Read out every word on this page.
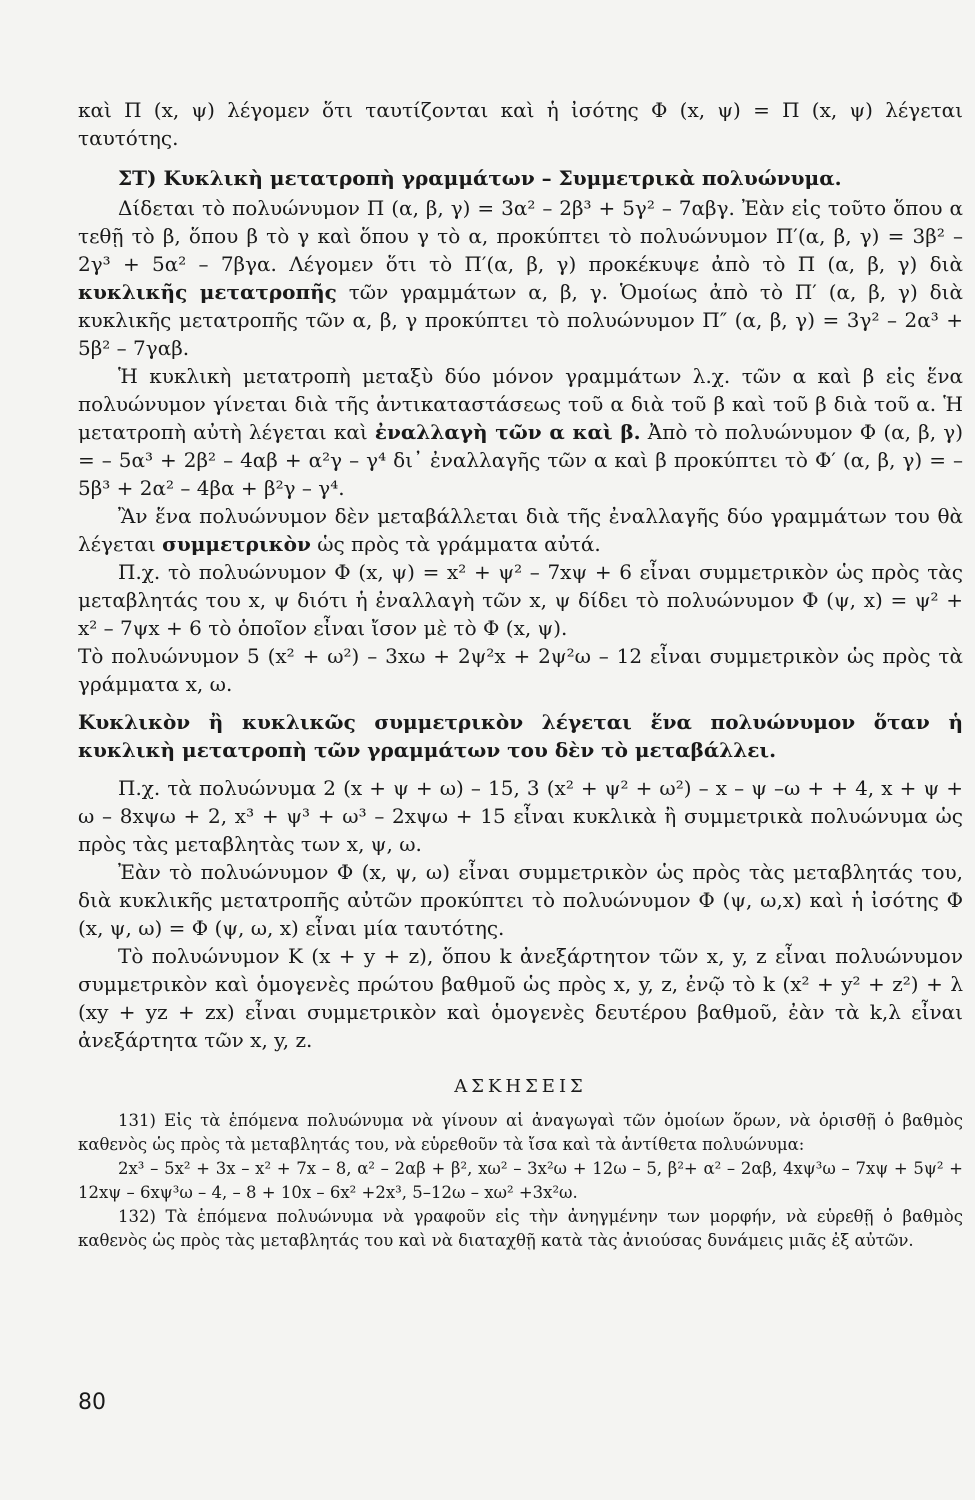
καὶ Π (x, ψ) λέγομεν ὅτι ταυτίζονται καὶ ἡ ἰσότης Φ (x, ψ) = Π (x, ψ) λέγεται ταυτότης.

ΣΤ) Κυκλικὴ μετατροπὴ γραμμάτων – Συμμετρικὰ πολυώνυμα.

Δίδεται τὸ πολυώνυμον Π (α, β, γ) = 3α² – 2β³ + 5γ² – 7αβγ. Ἐὰν εἰς τοῦτο ὅπου α τεθῇ τὸ β, ὅπου β τὸ γ καὶ ὅπου γ τὸ α, προκύπτει τὸ πολυώνυμον Π′(α, β, γ) = 3β² – 2γ³ + 5α² – 7βγα. Λέγομεν ὅτι τὸ Π′(α, β, γ) προκέκυψε ἀπὸ τὸ Π (α, β, γ) διὰ κυκλικῆς μετατροπῆς τῶν γραμμάτων α, β, γ. Ὁμοίως ἀπὸ τὸ Π′ (α, β, γ) διὰ κυκλικῆς μετατροπῆς τῶν α, β, γ προκύπτει τὸ πολυώνυμον Π″ (α, β, γ) = 3γ² – 2α³ + 5β² – 7γαβ.

Ἡ κυκλικὴ μετατροπὴ μεταξὺ δύο μόνον γραμμάτων λ.χ. τῶν α καὶ β εἰς ἕνα πολυώνυμον γίνεται διὰ τῆς ἀντικαταστάσεως τοῦ α διὰ τοῦ β καὶ τοῦ β διὰ τοῦ α. Ἡ μετατροπὴ αὐτὴ λέγεται καὶ ἐναλλαγὴ τῶν α καὶ β. Ἀπὸ τὸ πολυώνυμον Φ (α, β, γ) = – 5α³ + 2β² – 4αβ + α²γ – γ⁴ δι᾽ ἐναλλαγῆς τῶν α καὶ β προκύπτει τὸ Φ′ (α, β, γ) = – 5β³ + 2α² – 4βα + β²γ – γ⁴.

Ἂν ἕνα πολυώνυμον δὲν μεταβάλλεται διὰ τῆς ἐναλλαγῆς δύο γραμμάτων του θὰ λέγεται συμμετρικὸν ὡς πρὸς τὰ γράμματα αὐτά.

Π.χ. τὸ πολυώνυμον Φ (x, ψ) = x² + ψ² – 7xψ + 6 εἶναι συμμετρικὸν ὡς πρὸς τὰς μεταβλητάς του x, ψ διότι ἡ ἐναλλαγὴ τῶν x, ψ δίδει τὸ πολυώνυμον Φ (ψ, x) = ψ² + x² – 7ψx + 6 τὸ ὁποῖον εἶναι ἴσον μὲ τὸ Φ (x, ψ).

Τὸ πολυώνυμον 5 (x² + ω²) – 3xω + 2ψ²x + 2ψ²ω – 12 εἶναι συμμετρικὸν ὡς πρὸς τὰ γράμματα x, ω.

Κυκλικὸν ἢ κυκλικῶς συμμετρικὸν λέγεται ἕνα πολυώνυμον ὅταν ἡ κυκλικὴ μετατροπὴ τῶν γραμμάτων του δὲν τὸ μεταβάλλει.

Π.χ. τὰ πολυώνυμα 2 (x + ψ + ω) – 15, 3 (x² + ψ² + ω²) – x – ψ –ω + + 4, x + ψ + ω – 8xψω + 2, x³ + ψ³ + ω³ – 2xψω + 15 εἶναι κυκλικὰ ἢ συμμετρικὰ πολυώνυμα ὡς πρὸς τὰς μεταβλητὰς των x, ψ, ω.

Ἐὰν τὸ πολυώνυμον Φ (x, ψ, ω) εἶναι συμμετρικὸν ὡς πρὸς τὰς μεταβλητάς του, διὰ κυκλικῆς μετατροπῆς αὐτῶν προκύπτει τὸ πολυώνυμον Φ (ψ, ω,x) καὶ ἡ ἰσότης Φ (x, ψ, ω) = Φ (ψ, ω, x) εἶναι μία ταυτότης.

Τὸ πολυώνυμον K (x + y + z), ὅπου k ἀνεξάρτητον τῶν x, y, z εἶναι πολυώνυμον συμμετρικὸν καὶ ὁμογενὲς πρώτου βαθμοῦ ὡς πρὸς x, y, z, ἐνῷ τὸ k (x² + y² + z²) + λ (xy + yz + zx) εἶναι συμμετρικὸν καὶ ὁμογενὲς δευτέρου βαθμοῦ, ἐὰν τὰ k,λ εἶναι ἀνεξάρτητα τῶν x, y, z.

ΑΣΚΗΣΕΙΣ

131) Εἰς τὰ ἑπόμενα πολυώνυμα νὰ γίνουν αἱ ἀναγωγαὶ τῶν ὁμοίων ὅρων, νὰ ὁρισθῇ ὁ βαθμὸς καθενὸς ὡς πρὸς τὰ μεταβλητάς του, νὰ εὑρεθοῦν τὰ ἴσα καὶ τὰ ἀντίθετα πολυώνυμα:

2x³ – 5x² + 3x – x² + 7x – 8, α² – 2αβ + β², xω² – 3x²ω + 12ω – 5, β²+ α² – 2αβ, 4xψ³ω – 7xψ + 5ψ² + 12xψ – 6xψ³ω – 4, – 8 + 10x – 6x² +2x³, 5–12ω – xω² +3x²ω.

132) Τὰ ἑπόμενα πολυώνυμα νὰ γραφοῦν εἰς τὴν ἀνηγμένην των μορφήν, νὰ εὑρεθῇ ὁ βαθμὸς καθενὸς ὡς πρὸς τὰς μεταβλητάς του καὶ νὰ διαταχθῇ κατὰ τὰς ἀνιούσας δυνάμεις μιᾶς ἐξ αὐτῶν.

80
